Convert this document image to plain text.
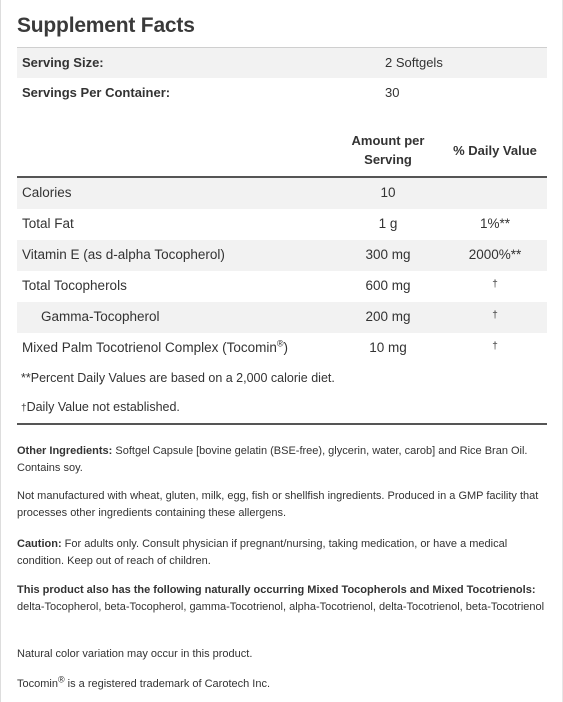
Supplement Facts
Serving Size:	2 Softgels
Servings Per Container:	30
Amount per
Serving
% Daily Value
Calories	10
Total Fat	1 g	1%**
Vitamin E (as d-alpha Tocopherol)	300 mg	2000%**
Total Tocopherols	600 mg	†
Gamma-Tocopherol	200 mg	†
Mixed Palm Tocotrienol Complex (Tocomin®)	10 mg	†
**Percent Daily Values are based on a 2,000 calorie diet.
†Daily Value not established.
Other Ingredients: Softgel Capsule [bovine gelatin (BSE-free), glycerin, water, carob] and Rice Bran Oil. Contains soy.
Not manufactured with wheat, gluten, milk, egg, fish or shellfish ingredients. Produced in a GMP facility that processes other ingredients containing these allergens.
Caution: For adults only. Consult physician if pregnant/nursing, taking medication, or have a medical condition. Keep out of reach of children.
This product also has the following naturally occurring Mixed Tocopherols and Mixed Tocotrienols: delta-Tocopherol, beta-Tocopherol, gamma-Tocotrienol, alpha-Tocotrienol, delta-Tocotrienol, beta-Tocotrienol
Natural color variation may occur in this product.
Tocomin® is a registered trademark of Carotech Inc.
